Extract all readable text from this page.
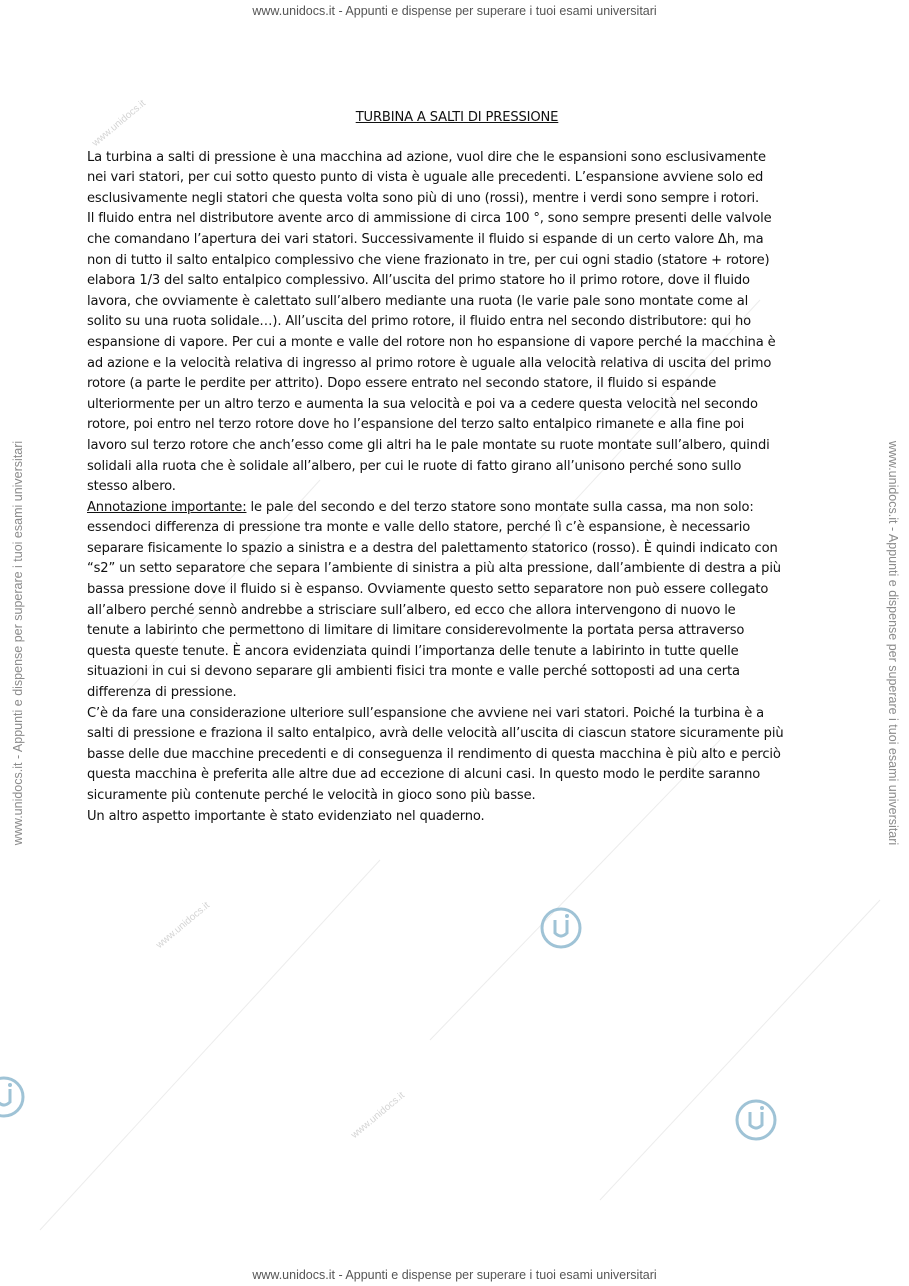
www.unidocs.it - Appunti e dispense per superare i tuoi esami universitari
www.unidocs.it - Appunti e dispense per superare i tuoi esami universitari
www.unidocs.it - Appunti e dispense per superare i tuoi esami universitari	www.unidocs.it - Appunti e dispense per superare i tuoi esami universitari
www.unidocs.it
www.unidocs.it
www.unidocs.it
TURBINA A SALTI DI PRESSIONE
La turbina a salti di pressione è una macchina ad azione, vuol dire che le espansioni sono esclusivamente
nei vari statori, per cui sotto questo punto di vista è uguale alle precedenti. L’espansione avviene solo ed
esclusivamente negli statori che questa volta sono più di uno (rossi), mentre i verdi sono sempre i rotori.
Il fluido entra nel distributore avente arco di ammissione di circa 100 °, sono sempre presenti delle valvole
che comandano l’apertura dei vari statori. Successivamente il fluido si espande di un certo valore Δh, ma
non di tutto il salto entalpico complessivo che viene frazionato in tre, per cui ogni stadio (statore + rotore)
elabora 1/3 del salto entalpico complessivo. All’uscita del primo statore ho il primo rotore, dove il fluido
lavora, che ovviamente è calettato sull’albero mediante una ruota (le varie pale sono montate come al
solito su una ruota solidale…). All’uscita del primo rotore, il fluido entra nel secondo distributore: qui ho
espansione di vapore. Per cui a monte e valle del rotore non ho espansione di vapore perché la macchina è
ad azione e la velocità relativa di ingresso al primo rotore è uguale alla velocità relativa di uscita del primo
rotore (a parte le perdite per attrito). Dopo essere entrato nel secondo statore, il fluido si espande
ulteriormente per un altro terzo e aumenta la sua velocità e poi va a cedere questa velocità nel secondo
rotore, poi entro nel terzo rotore dove ho l’espansione del terzo salto entalpico rimanete e alla fine poi
lavoro sul terzo rotore che anch’esso come gli altri ha le pale montate su ruote montate sull’albero, quindi
solidali alla ruota che è solidale all’albero, per cui le ruote di fatto girano all’unisono perché sono sullo
stesso albero.
Annotazione importante: le pale del secondo e del terzo statore sono montate sulla cassa, ma non solo:
essendoci differenza di pressione tra monte e valle dello statore, perché lì c’è espansione, è necessario
separare fisicamente lo spazio a sinistra e a destra del palettamento statorico (rosso). È quindi indicato con
“s2” un setto separatore che separa l’ambiente di sinistra a più alta pressione, dall’ambiente di destra a più
bassa pressione dove il fluido si è espanso. Ovviamente questo setto separatore non può essere collegato
all’albero perché sennò andrebbe a strisciare sull’albero, ed ecco che allora intervengono di nuovo le
tenute a labirinto che permettono di limitare di limitare considerevolmente la portata persa attraverso
questa queste tenute. È ancora evidenziata quindi l’importanza delle tenute a labirinto in tutte quelle
situazioni in cui si devono separare gli ambienti fisici tra monte e valle perché sottoposti ad una certa
differenza di pressione.
C’è da fare una considerazione ulteriore sull’espansione che avviene nei vari statori. Poiché la turbina è a
salti di pressione e fraziona il salto entalpico, avrà delle velocità all’uscita di ciascun statore sicuramente più
basse delle due macchine precedenti e di conseguenza il rendimento di questa macchina è più alto e perciò
questa macchina è preferita alle altre due ad eccezione di alcuni casi. In questo modo le perdite saranno
sicuramente più contenute perché le velocità in gioco sono più basse.
Un altro aspetto importante è stato evidenziato nel quaderno.
